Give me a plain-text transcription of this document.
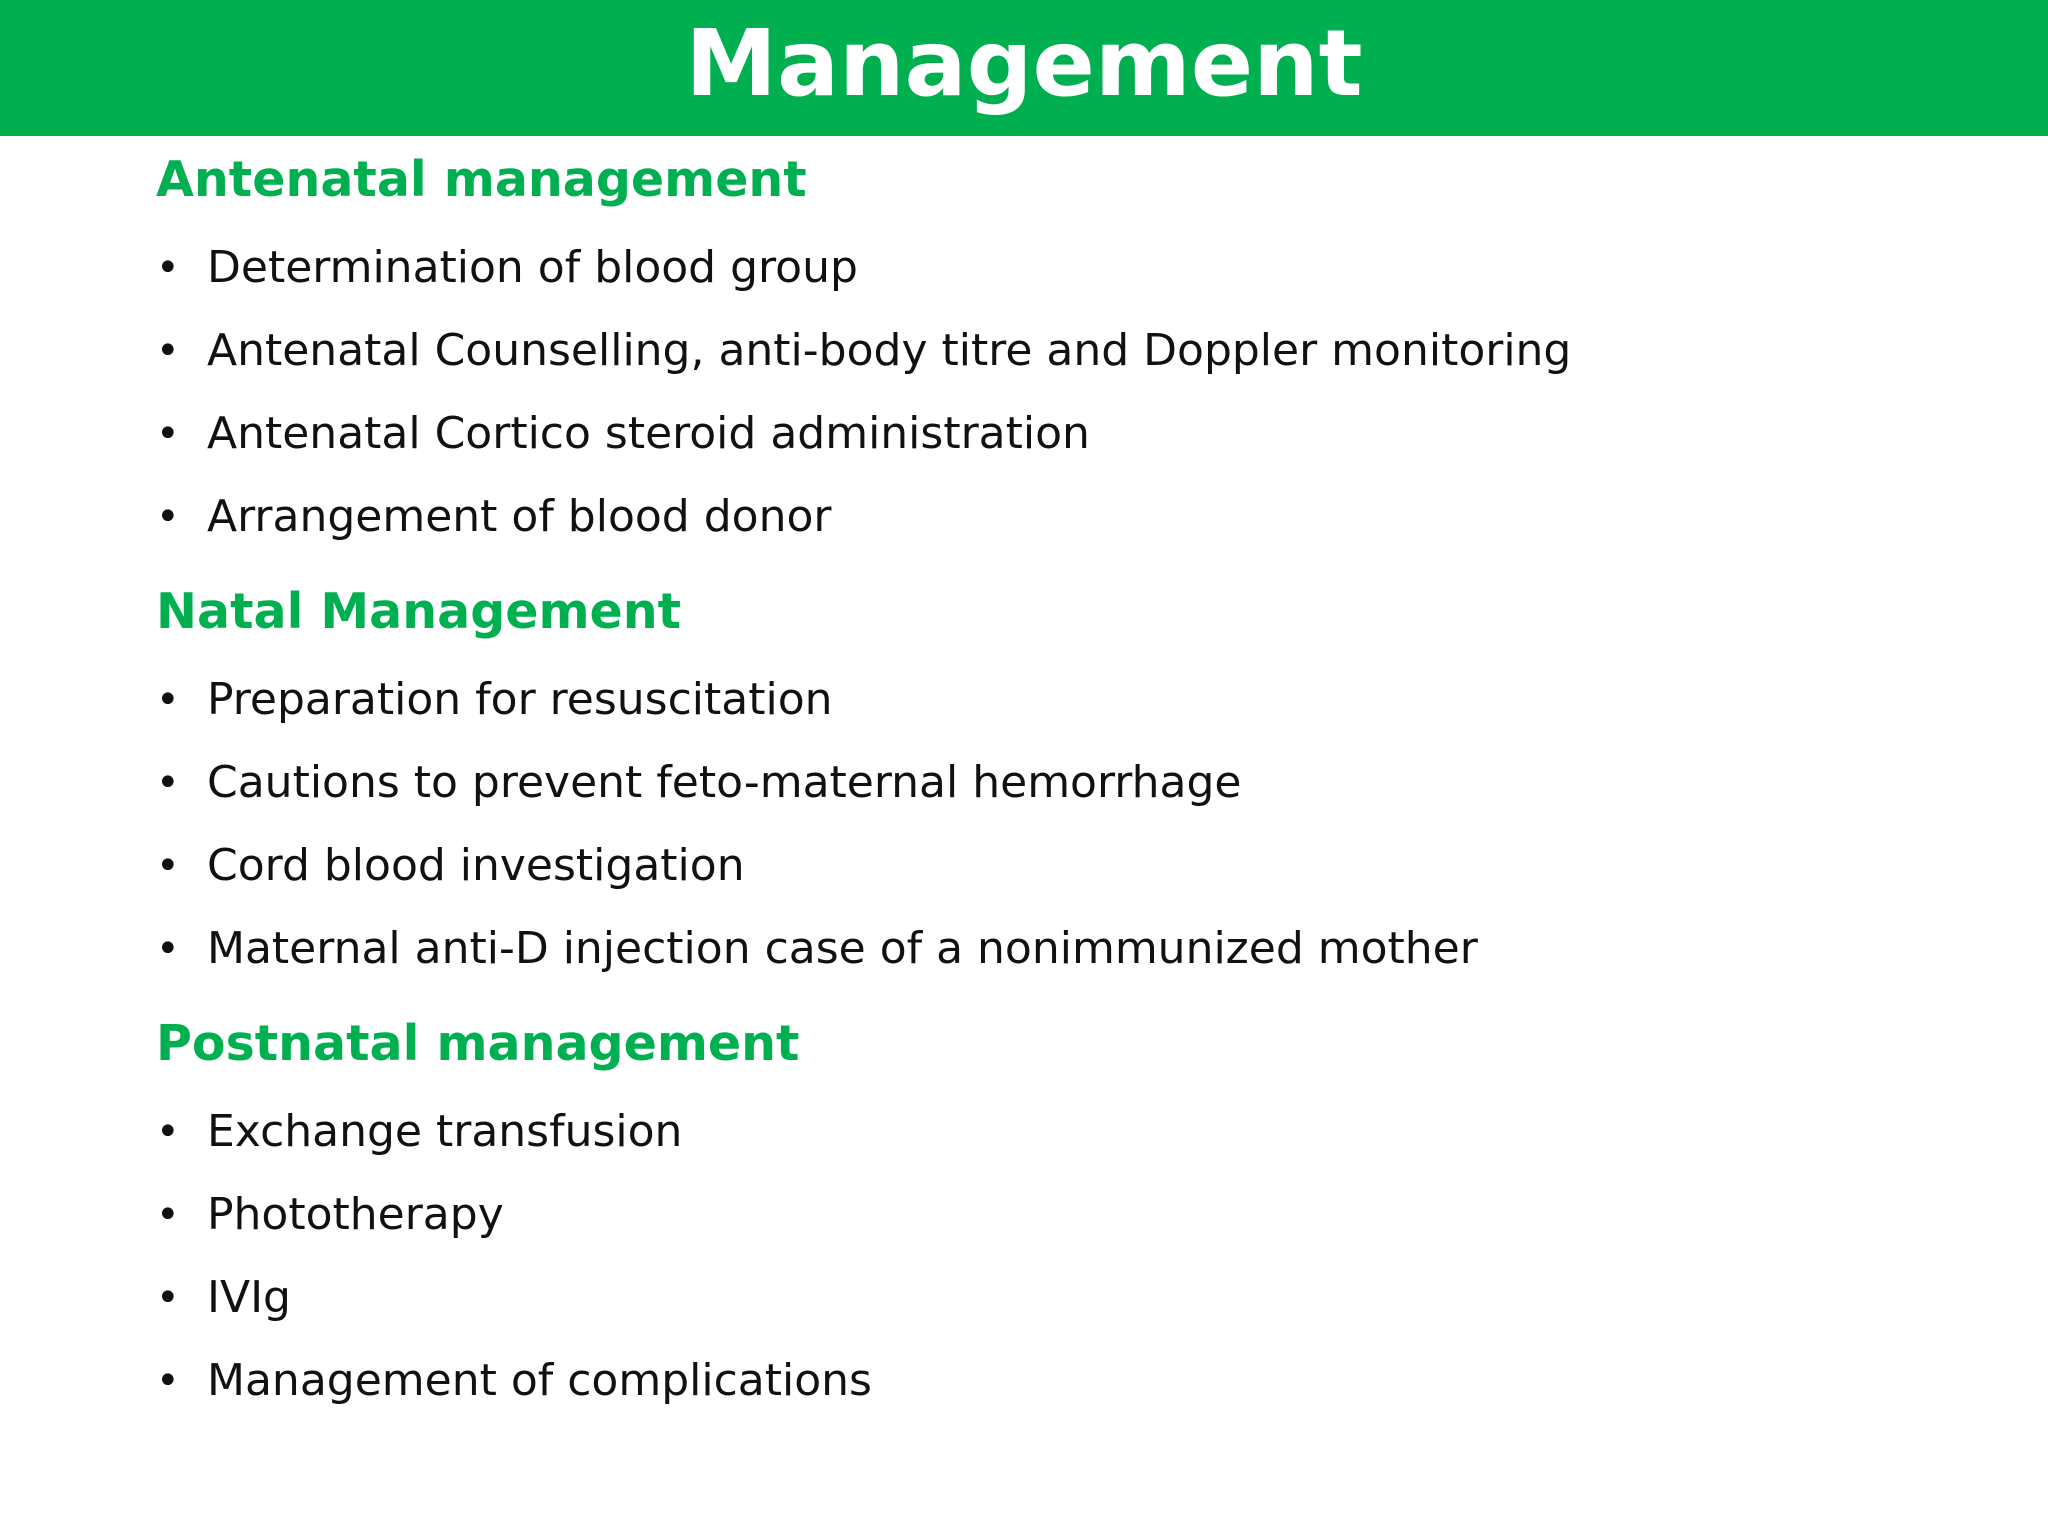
Management
Antenatal management
• Determination of blood group
• Antenatal Counselling, anti-body titre and Doppler monitoring
• Antenatal Cortico steroid administration
• Arrangement of blood donor
Natal Management
• Preparation for resuscitation
• Cautions to prevent feto-maternal hemorrhage
• Cord blood investigation
• Maternal anti-D injection case of a nonimmunized mother
Postnatal management
• Exchange transfusion
• Phototherapy
• IVIg
• Management of complications
